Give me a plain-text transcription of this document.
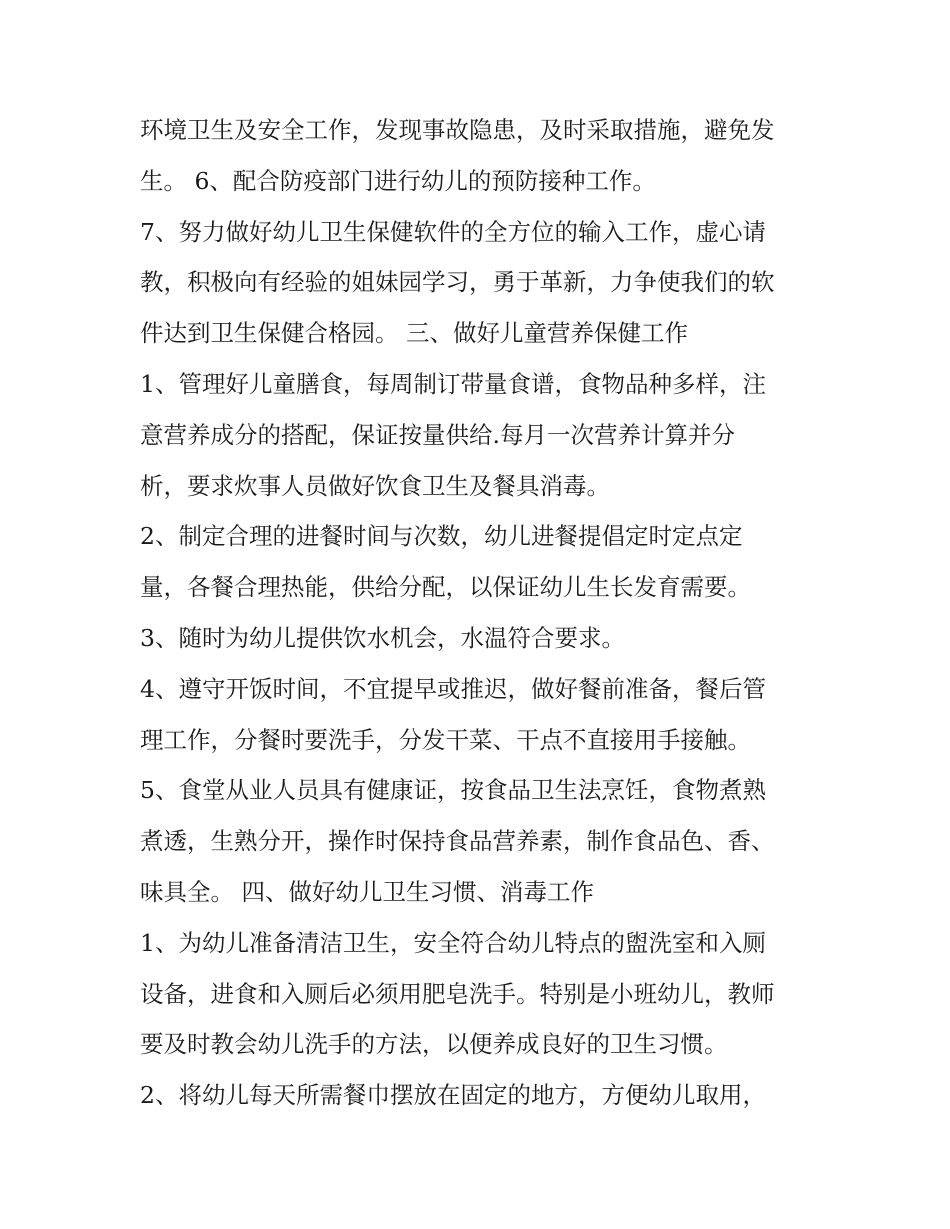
环境卫生及安全工作，发现事故隐患，及时采取措施，避免发
生。 6、配合防疫部门进行幼儿的预防接种工作。
7、努力做好幼儿卫生保健软件的全方位的输入工作，虚心请
教，积极向有经验的姐妹园学习，勇于革新，力争使我们的软
件达到卫生保健合格园。 三、做好儿童营养保健工作
1、管理好儿童膳食，每周制订带量食谱，食物品种多样，注
意营养成分的搭配，保证按量供给.每月一次营养计算并分
析，要求炊事人员做好饮食卫生及餐具消毒。
2、制定合理的进餐时间与次数，幼儿进餐提倡定时定点定
量，各餐合理热能，供给分配，以保证幼儿生长发育需要。
3、随时为幼儿提供饮水机会，水温符合要求。
4、遵守开饭时间，不宜提早或推迟，做好餐前准备，餐后管
理工作，分餐时要洗手，分发干菜、干点不直接用手接触。
5、食堂从业人员具有健康证，按食品卫生法烹饪，食物煮熟
煮透，生熟分开，操作时保持食品营养素，制作食品色、香、
味具全。 四、做好幼儿卫生习惯、消毒工作
1、为幼儿准备清洁卫生，安全符合幼儿特点的盥洗室和入厕
设备，进食和入厕后必须用肥皂洗手。特别是小班幼儿，教师
要及时教会幼儿洗手的方法，以便养成良好的卫生习惯。
2、将幼儿每天所需餐巾摆放在固定的地方，方便幼儿取用，
